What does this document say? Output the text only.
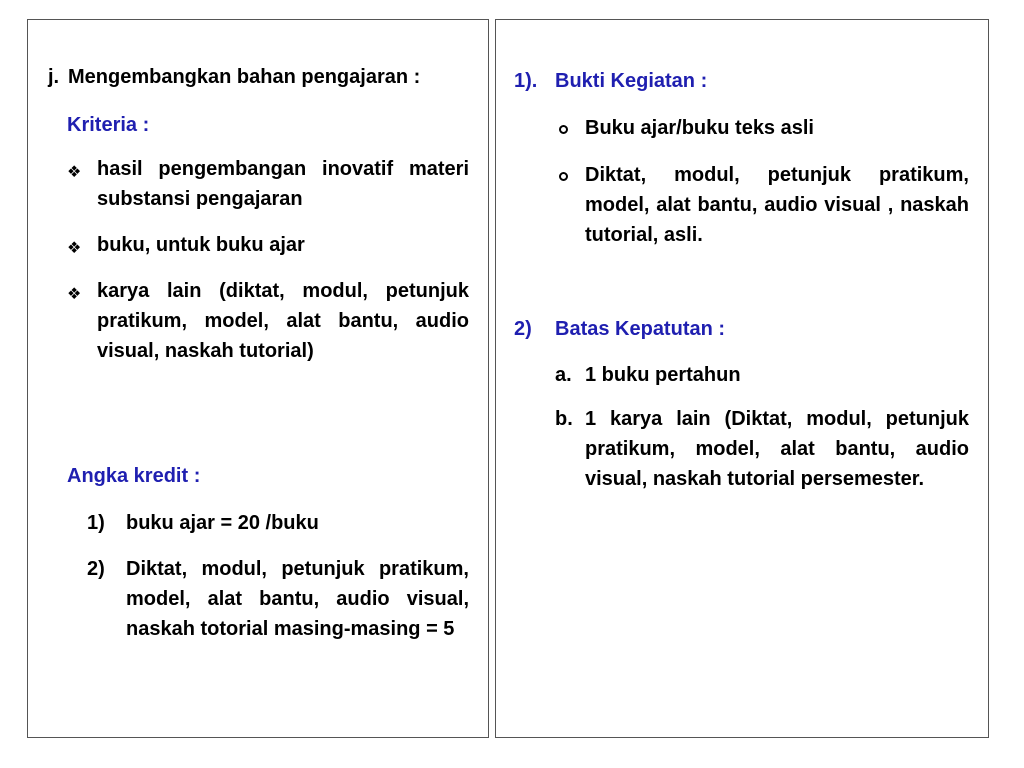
j. Mengembangkan bahan pengajaran :
Kriteria :
❖ hasil pengembangan inovatif materi substansi pengajaran
❖ buku, untuk buku ajar
❖ karya lain (diktat, modul, petunjuk pratikum, model, alat bantu, audio visual, naskah tutorial)
Angka kredit :
1) buku ajar = 20 /buku
2) Diktat, modul, petunjuk pratikum, model, alat bantu, audio visual, naskah totorial masing-masing = 5
1). Bukti Kegiatan :
Buku ajar/buku teks asli
Diktat, modul, petunjuk pratikum, model, alat bantu, audio visual , naskah tutorial, asli.
2) Batas Kepatutan :
a. 1 buku pertahun
b. 1 karya lain (Diktat, modul, petunjuk pratikum, model, alat bantu, audio visual, naskah tutorial persemester.
